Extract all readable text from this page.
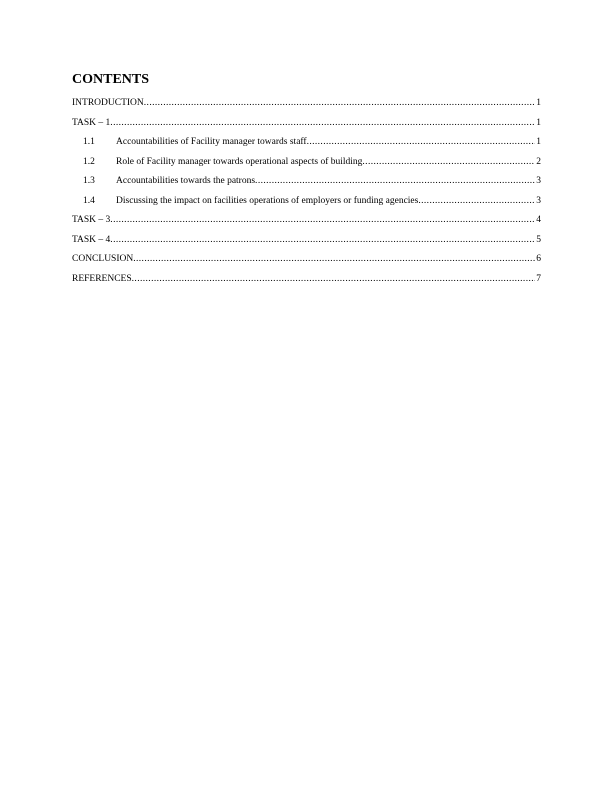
CONTENTS
INTRODUCTION .....	1
TASK – 1 .....	1
1.1	Accountabilities of Facility manager towards staff .....	1
1.2	Role of Facility manager towards operational aspects of building .....	2
1.3	Accountabilities towards the patrons .....	3
1.4	Discussing the impact on facilities operations of employers or funding agencies .....	3
TASK – 3 .....	4
TASK – 4 .....	5
CONCLUSION .....	6
REFERENCES .....	7
